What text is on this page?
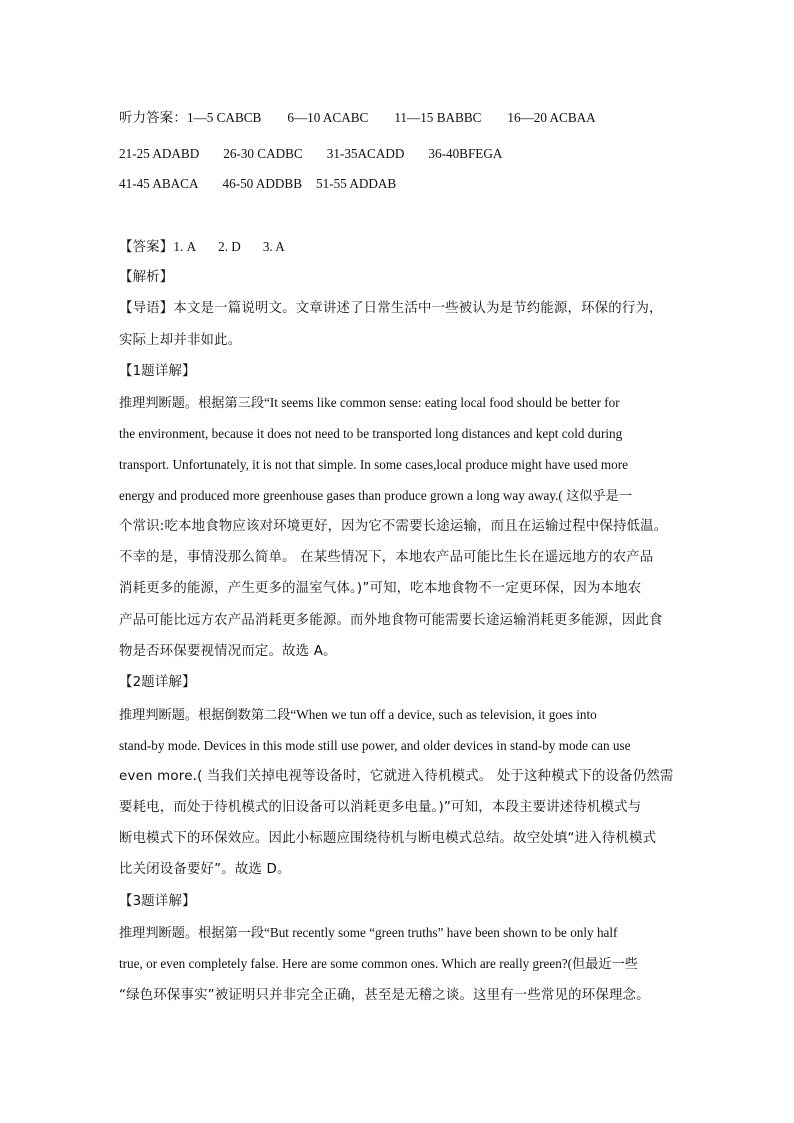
听力答案：1—5 CABCB 6—10 ACABC 11—15 BABBC 16—20 ACBAA
21-25 ADABD 26-30 CADBC 31-35ACADD 36-40BFEGA
41-45 ABACA 46-50 ADDBB 51-55 ADDAB
【答案】1. A 2. D 3. A
【解析】
【导语】本文是一篇说明文。文章讲述了日常生活中一些被认为是节约能源，环保的行为，
实际上却并非如此。
【1题详解】
推理判断题。根据第三段“It seems like common sense: eating local food should be better for
the environment, because it does not need to be transported long distances and kept cold during
transport. Unfortunately, it is not that simple. In some cases,local produce might have used more
energy and produced more greenhouse gases than produce grown a long way away.( 这似乎是一
个常识:吃本地食物应该对环境更好，因为它不需要长途运输，而且在运输过程中保持低温。
不幸的是，事情没那么简单。 在某些情况下，本地农产品可能比生长在遥远地方的农产品
消耗更多的能源，产生更多的温室气体。)”可知，吃本地食物不一定更环保，因为本地农
产品可能比远方农产品消耗更多能源。而外地食物可能需要长途运输消耗更多能源，因此食
物是否环保要视情况而定。故选 A。
【2题详解】
推理判断题。根据倒数第二段“When we tun off a device, such as television, it goes into
stand-by mode. Devices in this mode still use power, and older devices in stand-by mode can use
even more.( 当我们关掉电视等设备时，它就进入待机模式。 处于这种模式下的设备仍然需
要耗电，而处于待机模式的旧设备可以消耗更多电量。)”可知，本段主要讲述待机模式与
断电模式下的环保效应。因此小标题应围绕待机与断电模式总结。故空处填“进入待机模式
比关闭设备要好”。故选 D。
【3题详解】
推理判断题。根据第一段“But recently some “green truths” have been shown to be only half
true, or even completely false. Here are some common ones. Which are really green?(但最近一些
“绿色环保事实”被证明只并非完全正确，甚至是无稽之谈。这里有一些常见的环保理念。
